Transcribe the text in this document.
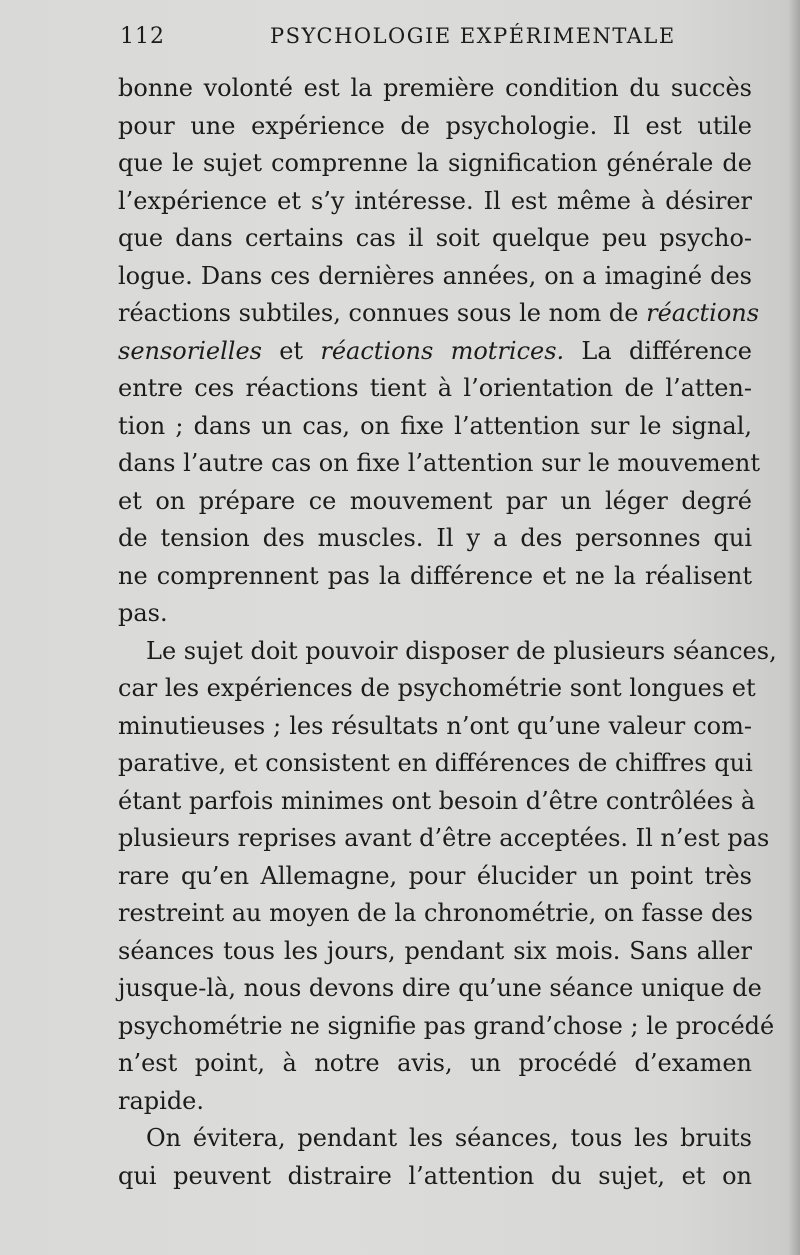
112	PSYCHOLOGIE EXPÉRIMENTALE
bonne volonté est la première condition du succès
pour une expérience de psychologie. Il est utile
que le sujet comprenne la signification générale de
l’expérience et s’y intéresse. Il est même à désirer
que dans certains cas il soit quelque peu psycho-
logue. Dans ces dernières années, on a imaginé des
réactions subtiles, connues sous le nom de réactions
sensorielles et réactions motrices. La différence
entre ces réactions tient à l’orientation de l’atten-
tion ; dans un cas, on fixe l’attention sur le signal,
dans l’autre cas on fixe l’attention sur le mouvement
et on prépare ce mouvement par un léger degré
de tension des muscles. Il y a des personnes qui
ne comprennent pas la différence et ne la réalisent
pas.
Le sujet doit pouvoir disposer de plusieurs séances,
car les expériences de psychométrie sont longues et
minutieuses ; les résultats n’ont qu’une valeur com-
parative, et consistent en différences de chiffres qui
étant parfois minimes ont besoin d’être contrôlées à
plusieurs reprises avant d’être acceptées. Il n’est pas
rare qu’en Allemagne, pour élucider un point très
restreint au moyen de la chronométrie, on fasse des
séances tous les jours, pendant six mois. Sans aller
jusque-là, nous devons dire qu’une séance unique de
psychométrie ne signifie pas grand’chose ; le procédé
n’est point, à notre avis, un procédé d’examen
rapide.
On évitera, pendant les séances, tous les bruits
qui peuvent distraire l’attention du sujet, et on
